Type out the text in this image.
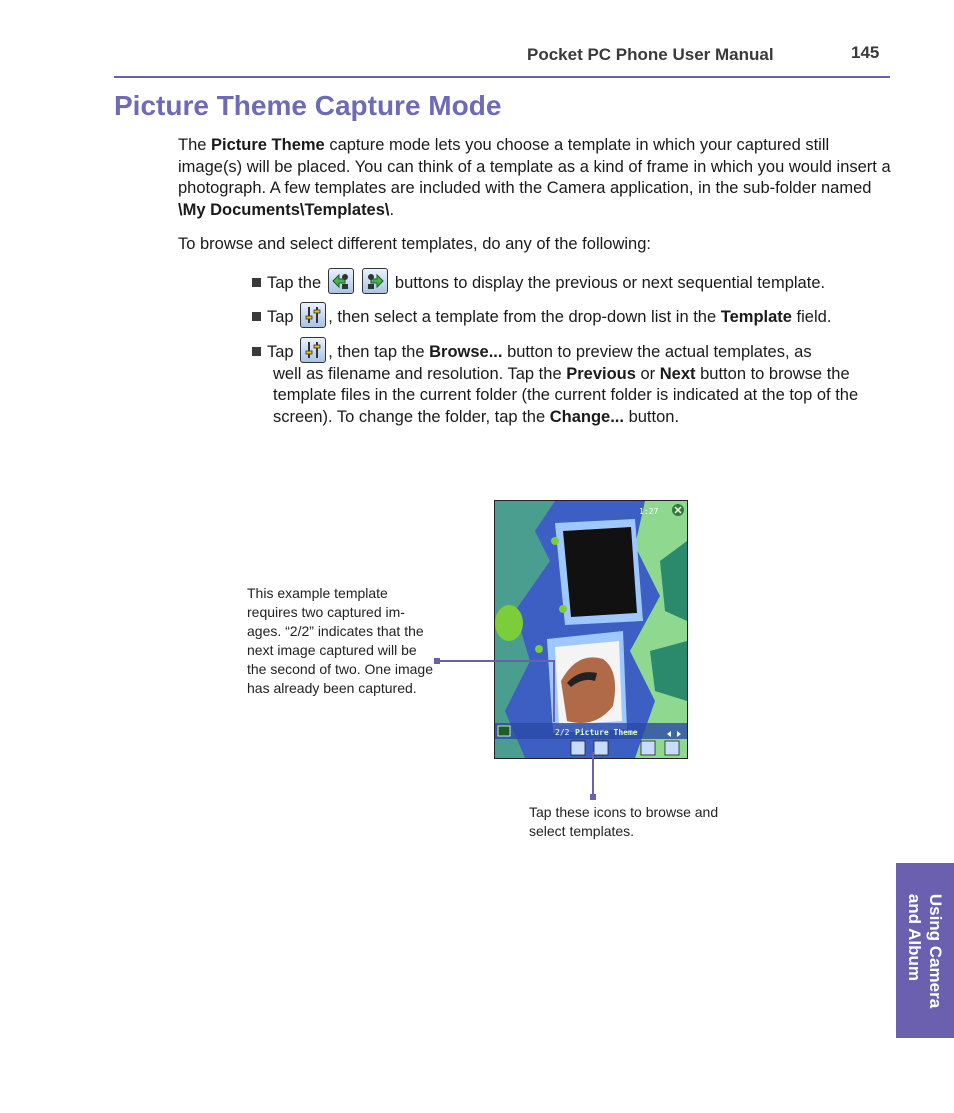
Pocket PC Phone User Manual	145
Picture Theme Capture Mode

The Picture Theme capture mode lets you choose a template in which your captured still image(s) will be placed. You can think of a template as a kind of frame in which you would insert a photograph. A few templates are included with the Camera application, in the sub-folder named \My Documents\Templates\.

To browse and select different templates, do any of the following:

Tap the
	buttons to display the previous or next sequential template.
Tap , then select a template from the drop-down list in the Template field.
Tap , then tap the Browse... button to preview the actual templates, as
well as filename and resolution. Tap the Previous or Next button to browse the template files in the current folder (the current folder is indicated at the top of the screen). To change the folder, tap the Change... button.
1:27
2/2 Picture Theme
This example template requires two captured im-ages. “2/2” indicates that the next image captured will be the second of two. One image has already been captured.
Tap these icons to browse and select templates.
Using Camera
and Album
